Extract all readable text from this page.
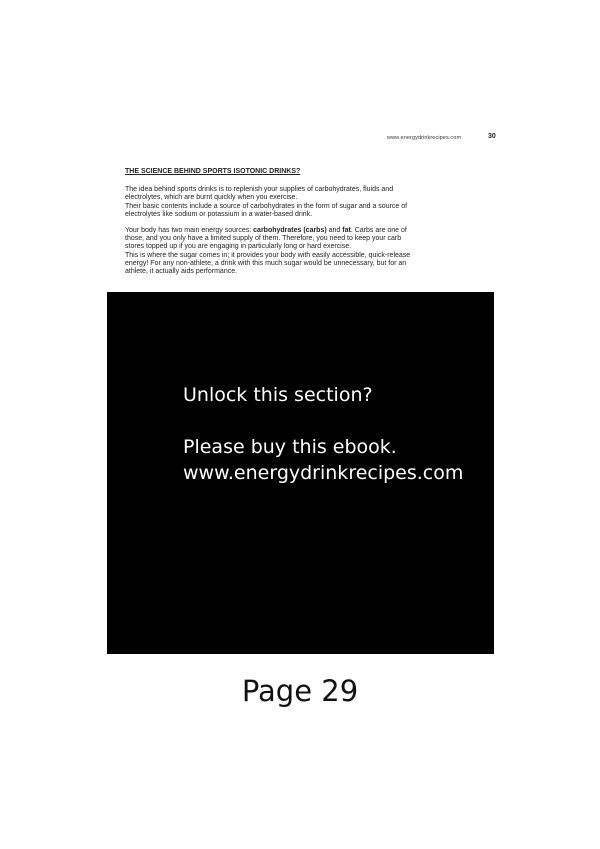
www.energydrinkrecipes.com	30
THE SCIENCE BEHIND SPORTS ISOTONIC DRINKS?
The idea behind sports drinks is to replenish your supplies of carbohydrates, fluids and
electrolytes, which are burnt quickly when you exercise.
Their basic contents include a source of carbohydrates in the form of sugar and a source of
electrolytes like sodium or potassium in a water-based drink.
Your body has two main energy sources: carbohydrates (carbs) and fat. Carbs are one of
those, and you only have a limited supply of them. Therefore, you need to keep your carb
stores topped up if you are engaging in particularly long or hard exercise.
This is where the sugar comes in; it provides your body with easily accessible, quick-release
energy! For any non-athlete, a drink with this much sugar would be unnecessary, but for an
athlete, it actually aids performance.
Unlock this section?
Please buy this ebook.
www.energydrinkrecipes.com
Page 29
